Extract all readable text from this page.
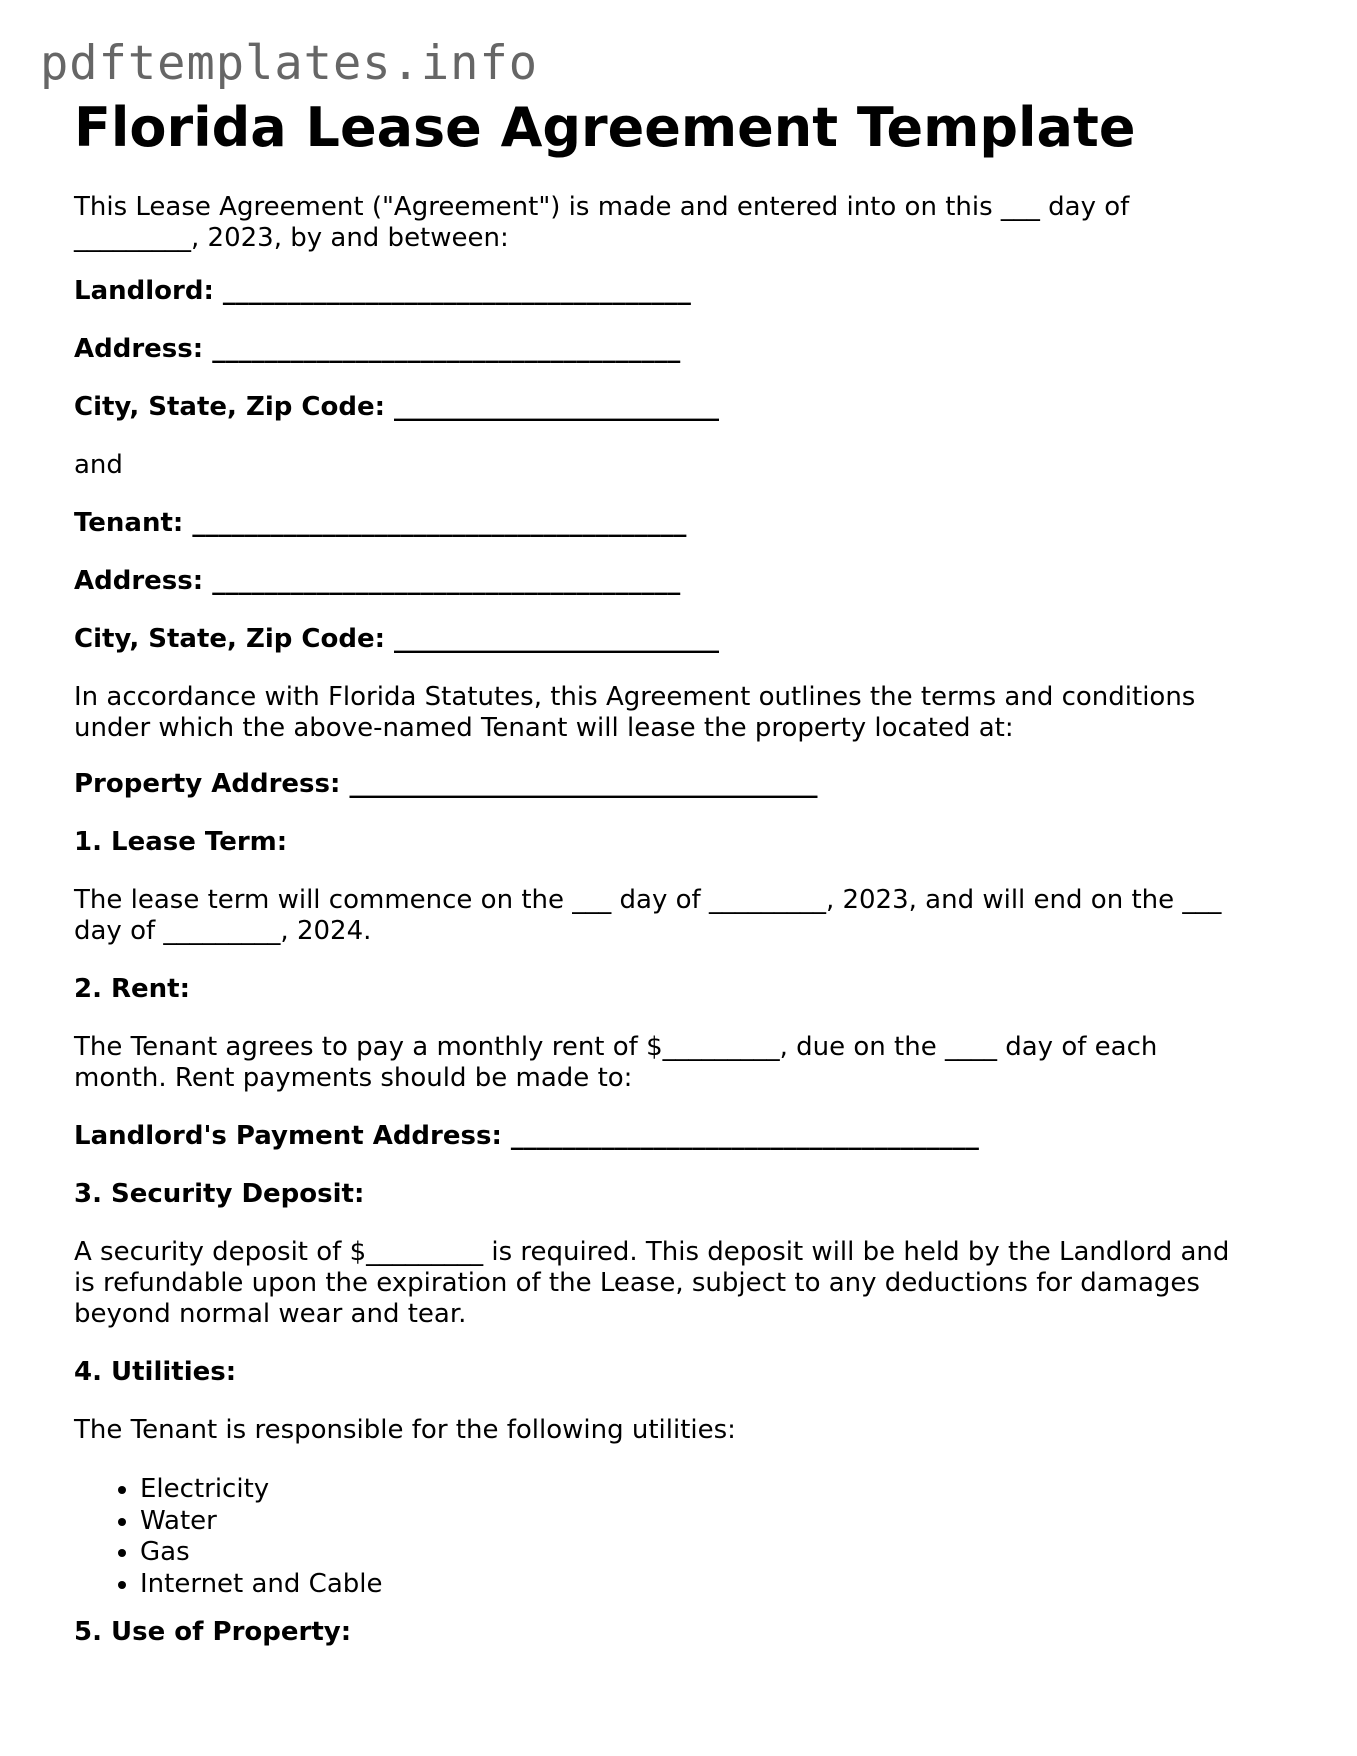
pdftemplates.info
Florida Lease Agreement Template
This Lease Agreement ("Agreement") is made and entered into on this ___ day of
_________, 2023, by and between:
Landlord: ____________________________________
Address: ____________________________________
City, State, Zip Code: _________________________
and
Tenant: ______________________________________
Address: ____________________________________
City, State, Zip Code: _________________________
In accordance with Florida Statutes, this Agreement outlines the terms and conditions
under which the above-named Tenant will lease the property located at:
Property Address: ____________________________________
1. Lease Term:
The lease term will commence on the ___ day of _________, 2023, and will end on the ___
day of _________, 2024.
2. Rent:
The Tenant agrees to pay a monthly rent of $_________, due on the ____ day of each
month. Rent payments should be made to:
Landlord's Payment Address: ____________________________________
3. Security Deposit:
A security deposit of $_________ is required. This deposit will be held by the Landlord and
is refundable upon the expiration of the Lease, subject to any deductions for damages
beyond normal wear and tear.
4. Utilities:
The Tenant is responsible for the following utilities:
• Electricity
• Water
• Gas
• Internet and Cable
5. Use of Property:
